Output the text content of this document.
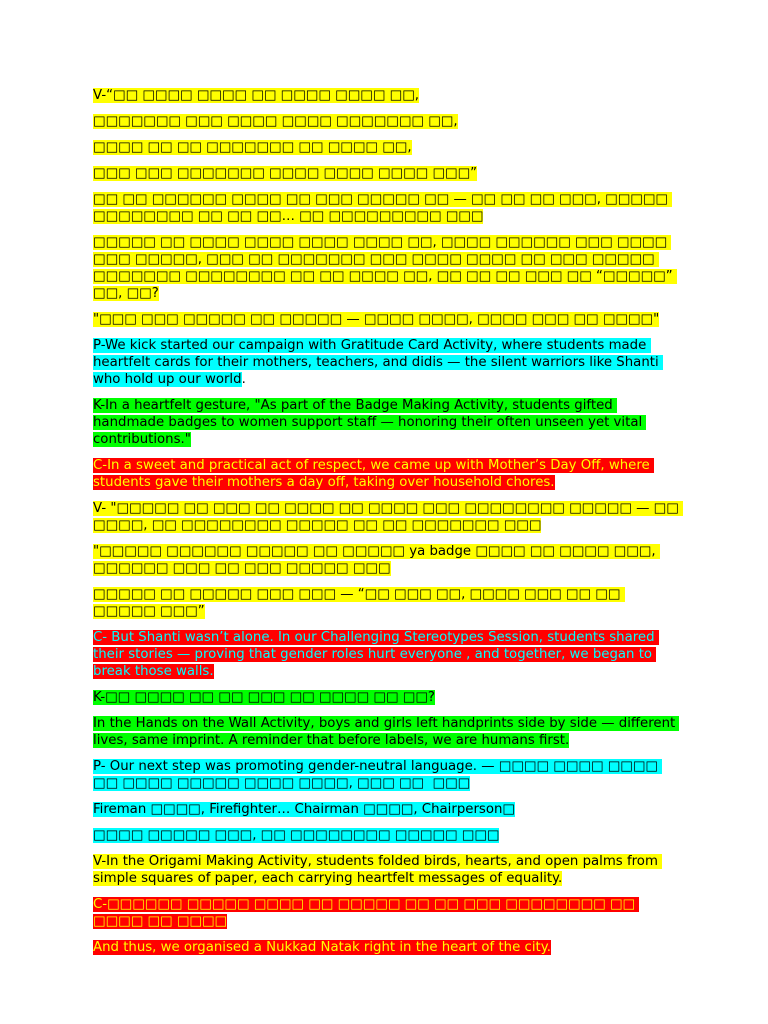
V-“□□ □□□□ □□□□ □□ □□□□ □□□□ □□,

□□□□□□□ □□□ □□□□ □□□□ □□□□□□□ □□,

□□□□ □□ □□ □□□□□□□ □□ □□□□ □□,

□□□ □□□ □□□□□□□ □□□□ □□□□ □□□□ □□□”

□□ □□ □□□□□□ □□□□ □□ □□□ □□□□□ □□ — □□ □□ □□ □□□, □□□□□ □□□□□□□□ □□ □□ □□… □□ □□□□□□□□□ □□□

□□□□□ □□ □□□□ □□□□ □□□□ □□□□ □□, □□□□ □□□□□□ □□□ □□□□ □□□ □□□□□, □□□ □□ □□□□□□□ □□□ □□□□ □□□□ □□ □□□ □□□□□ □□□□□□□ □□□□□□□□ □□ □□ □□□□ □□, □□ □□ □□ □□□ □□ “□□□□□” □□, □□?

"□□□ □□□ □□□□□ □□ □□□□□ — □□□□ □□□□, □□□□ □□□ □□ □□□□"

P-We kick started our campaign with Gratitude Card Activity, where students made heartfelt cards for their mothers, teachers, and didis — the silent warriors like Shanti who hold up our world.

K-In a heartfelt gesture, "As part of the Badge Making Activity, students gifted handmade badges to women support staff — honoring their often unseen yet vital contributions."

C-In a sweet and practical act of respect, we came up with Mother’s Day Off, where students gave their mothers a day off, taking over household chores.

V- "□□□□□ □□ □□□ □□ □□□□ □□ □□□□ □□□ □□□□□□□□ □□□□□ — □□ □□□□, □□ □□□□□□□□ □□□□□ □□ □□ □□□□□□□ □□□

"□□□□□ □□□□□□ □□□□□ □□ □□□□□ ya badge □□□□ □□ □□□□ □□□, □□□□□□ □□□ □□ □□□ □□□□□ □□□

□□□□□ □□ □□□□□ □□□ □□□ — “□□ □□□ □□, □□□□ □□□ □□ □□ □□□□□ □□□”

C- But Shanti wasn’t alone. In our Challenging Stereotypes Session, students shared their stories — proving that gender roles hurt everyone , and together, we began to break those walls.

K-□□ □□□□ □□ □□ □□□ □□ □□□□ □□ □□?

In the Hands on the Wall Activity, boys and girls left handprints side by side — different lives, same imprint. A reminder that before labels, we are humans first.

P- Our next step was promoting gender-neutral language. — □□□□ □□□□ □□□□ □□ □□□□ □□□□□ □□□□ □□□□, □□□ □□  □□□

Fireman □□□□, Firefighter… Chairman □□□□, Chairperson□

□□□□ □□□□□ □□□, □□ □□□□□□□□ □□□□□ □□□

V-In the Origami Making Activity, students folded birds, hearts, and open palms from simple squares of paper, each carrying heartfelt messages of equality.

C-□□□□□□ □□□□□ □□□□ □□ □□□□□ □□ □□ □□□ □□□□□□□□ □□ □□□□ □□ □□□□

And thus, we organised a Nukkad Natak right in the heart of the city.
